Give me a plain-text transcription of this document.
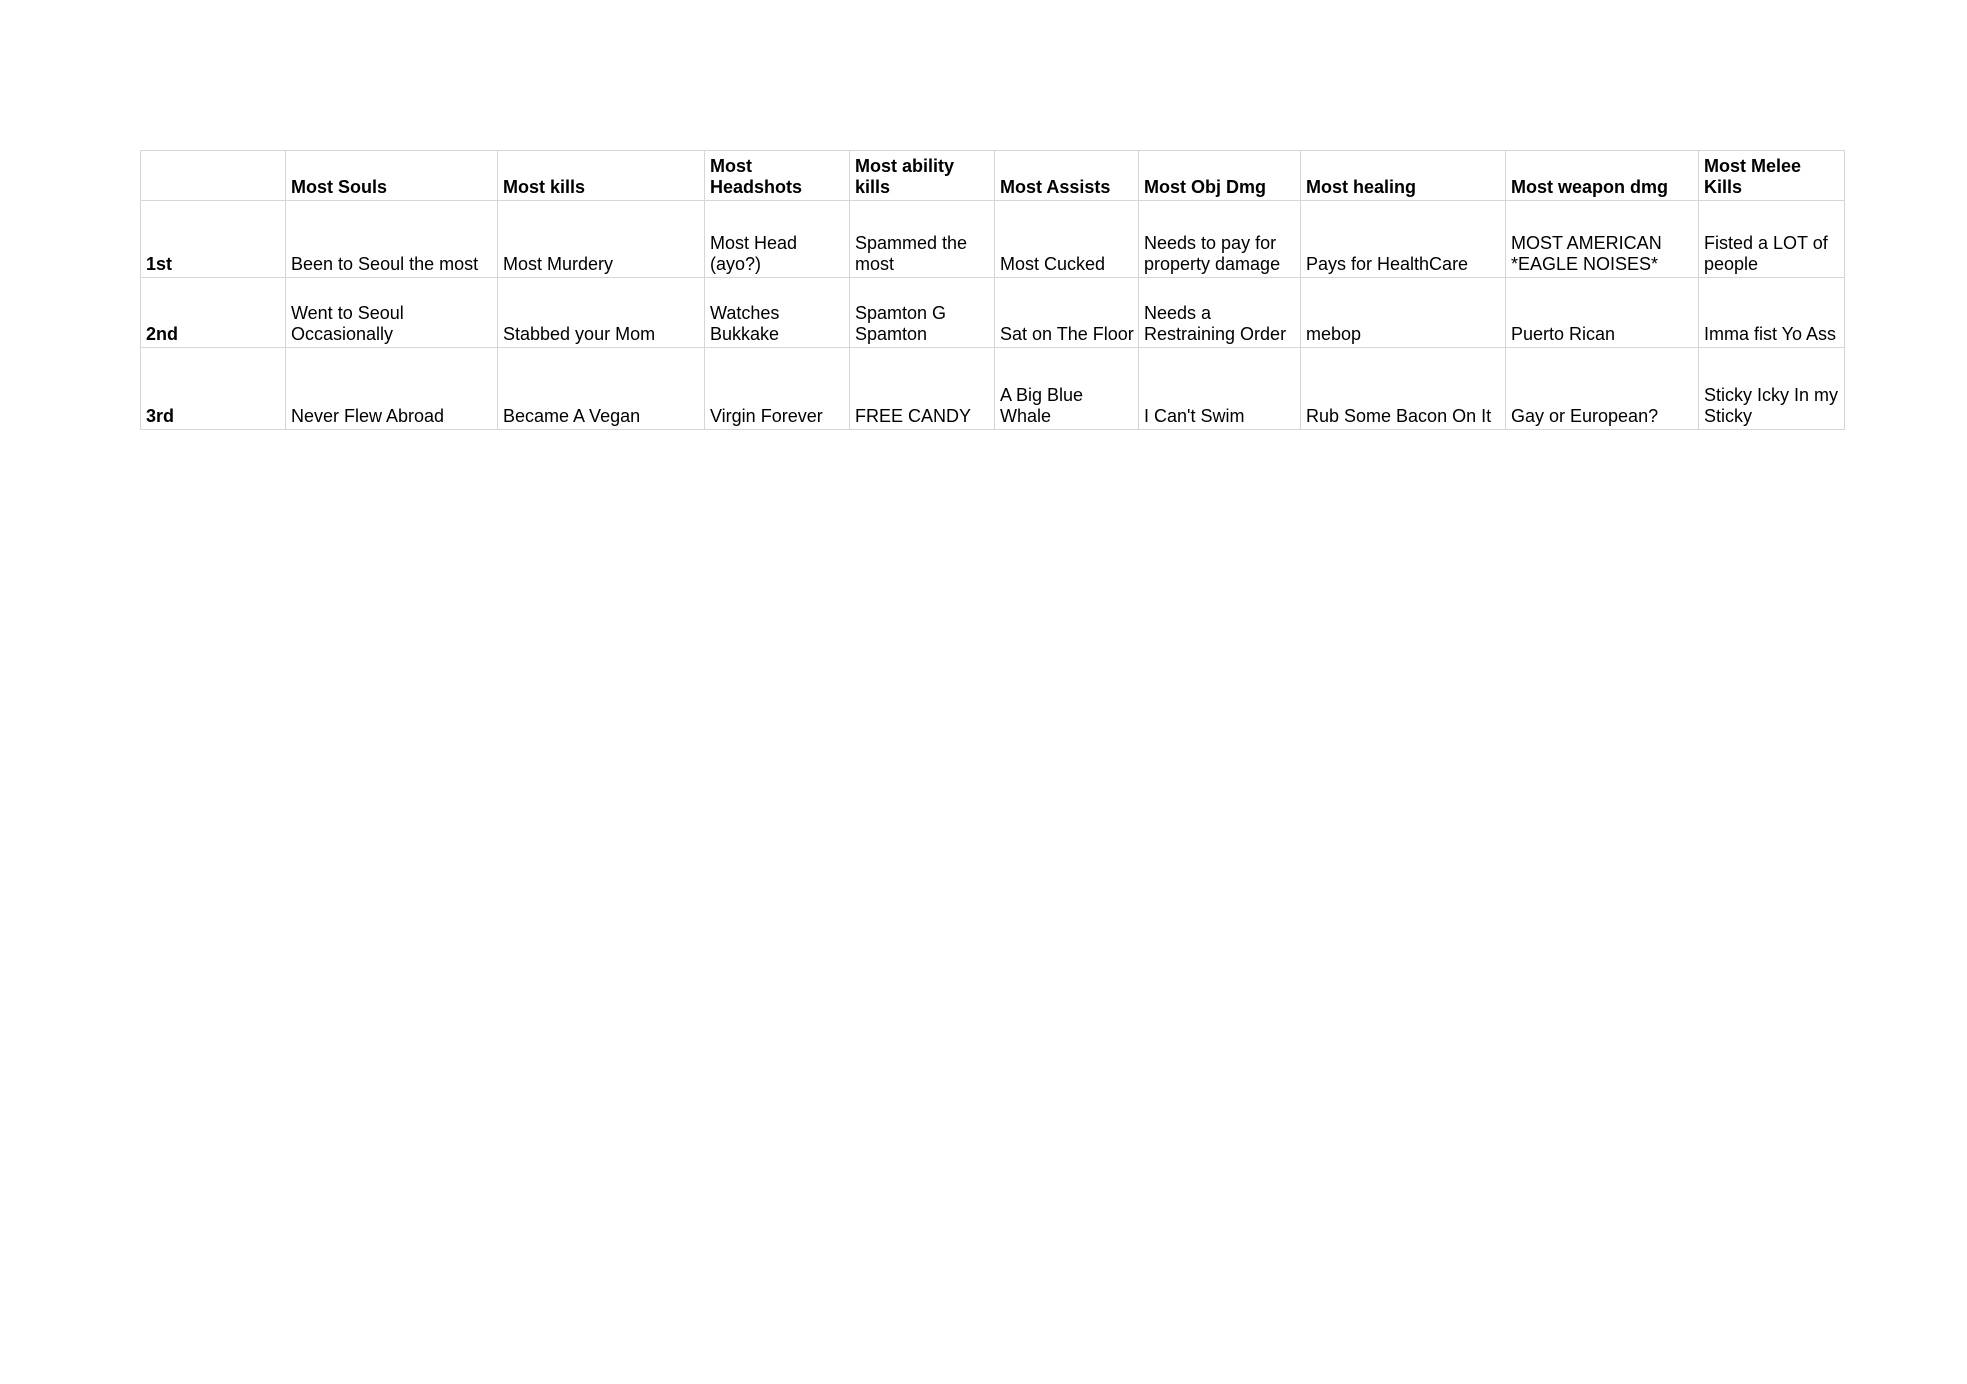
	Most Souls	Most kills	Most Headshots	Most ability kills	Most Assists	Most Obj Dmg	Most healing	Most weapon dmg	Most Melee Kills
1st	Been to Seoul the most	Most Murdery	Most Head (ayo?)	Spammed the most	Most Cucked	Needs to pay for property damage	Pays for HealthCare	MOST AMERICAN *EAGLE NOISES*	Fisted a LOT of people
2nd	Went to Seoul Occasionally	Stabbed your Mom	Watches Bukkake	Spamton G Spamton	Sat on The Floor	Needs a Restraining Order	mebop	Puerto Rican	Imma fist Yo Ass
3rd	Never Flew Abroad	Became A Vegan	Virgin Forever	FREE CANDY	A Big Blue Whale	I Can't Swim	Rub Some Bacon On It	Gay or European?	Sticky Icky In my Sticky
